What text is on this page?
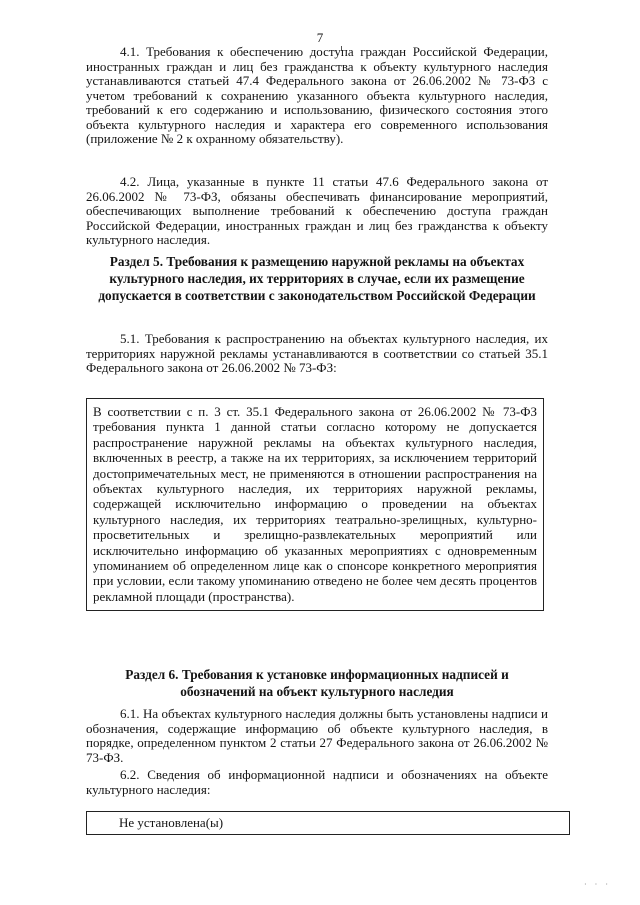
7

4.1. Требования к обеспечению доступа граждан Российской Федерации, иностранных граждан и лиц без гражданства к объекту культурного наследия устанавливаются статьей 47.4 Федерального закона от 26.06.2002 № 73-ФЗ с учетом требований к сохранению указанного объекта культурного наследия, требований к его содержанию и использованию, физического состояния этого объекта культурного наследия и характера его современного использования (приложение № 2 к охранному обязательству).

4.2. Лица, указанные в пункте 11 статьи 47.6 Федерального закона от 26.06.2002 № 73-ФЗ, обязаны обеспечивать финансирование мероприятий, обеспечивающих выполнение требований к обеспечению доступа граждан Российской Федерации, иностранных граждан и лиц без гражданства к объекту культурного наследия.

Раздел 5. Требования к размещению наружной рекламы на объектах культурного наследия, их территориях в случае, если их размещение допускается в соответствии с законодательством Российской Федерации

5.1. Требования к распространению на объектах культурного наследия, их территориях наружной рекламы устанавливаются в соответствии со статьей 35.1 Федерального закона от 26.06.2002 № 73-ФЗ:

В соответствии с п. 3 ст. 35.1 Федерального закона от 26.06.2002 № 73-ФЗ требования пункта 1 данной статьи согласно которому не допускается распространение наружной рекламы на объектах культурного наследия, включенных в реестр, а также на их территориях, за исключением территорий достопримечательных мест, не применяются в отношении распространения на объектах культурного наследия, их территориях наружной рекламы, содержащей исключительно информацию о проведении на объектах культурного наследия, их территориях театрально-зрелищных, культурно-просветительных и зрелищно-развлекательных мероприятий или исключительно информацию об указанных мероприятиях с одновременным упоминанием об определенном лице как о спонсоре конкретного мероприятия при условии, если такому упоминанию отведено не более чем десять процентов рекламной площади (пространства).

Раздел 6. Требования к установке информационных надписей и обозначений на объект культурного наследия

6.1. На объектах культурного наследия должны быть установлены надписи и обозначения, содержащие информацию об объекте культурного наследия, в порядке, определенном пунктом 2 статьи 27 Федерального закона от 26.06.2002 № 73-ФЗ.

6.2. Сведения об информационной надписи и обозначениях на объекте культурного наследия:

Не установлена(ы)
· · ·
